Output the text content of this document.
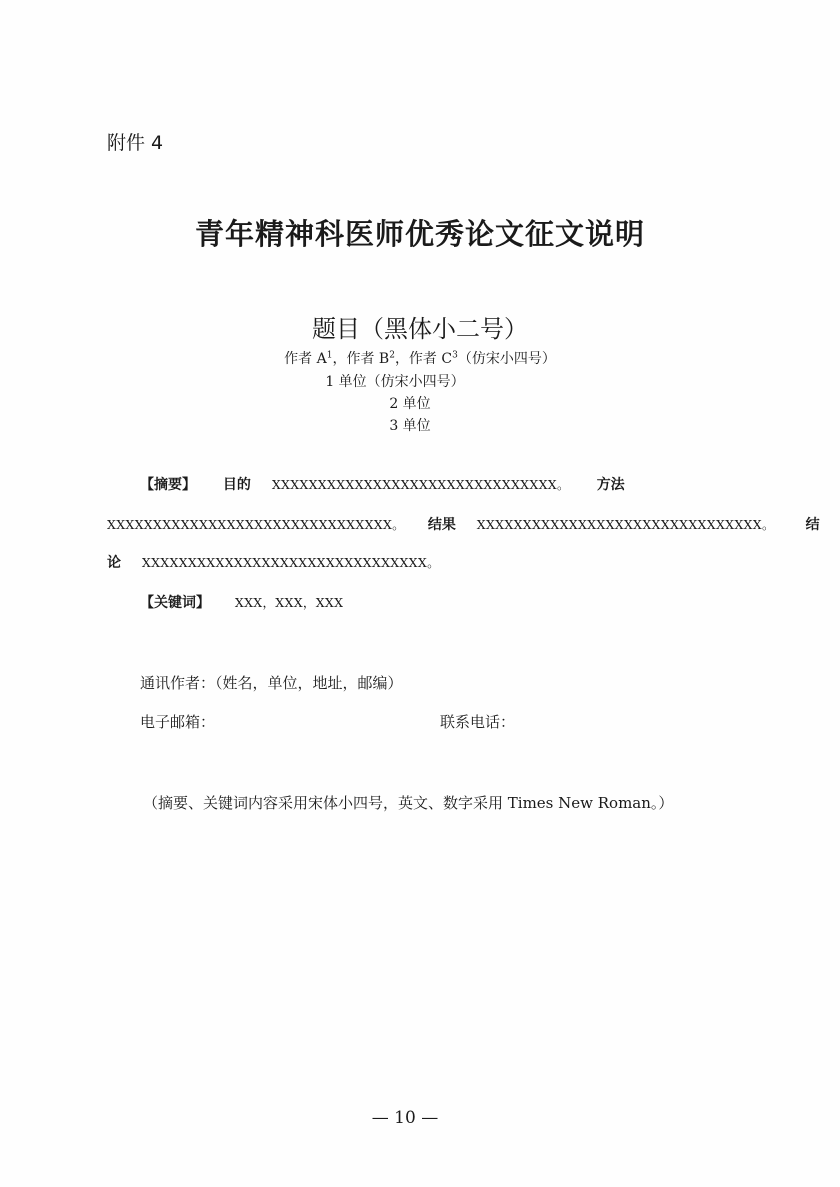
附件 4
青年精神科医师优秀论文征文说明
题目（黑体小二号）
作者 $A^1$，作者 $B^2$，作者 $C^3$（仿宋小四号）
1 单位（仿宋小四号）
2 单位
3 单位
【摘要】 目的 XXXXXXXXXXXXXXXXXXXXXXXXXXXXXXX。 方法
XXXXXXXXXXXXXXXXXXXXXXXXXXXXXXX。 结果 XXXXXXXXXXXXXXXXXXXXXXXXXXXXXXX。 结
论 XXXXXXXXXXXXXXXXXXXXXXXXXXXXXXX。
【关键词】 XXX，XXX，XXX
通讯作者：（姓名，单位，地址，邮编）
电子邮箱：	联系电话：
（摘要、关键词内容采用宋体小四号，英文、数字采用 Times New Roman。）
— 10 —
